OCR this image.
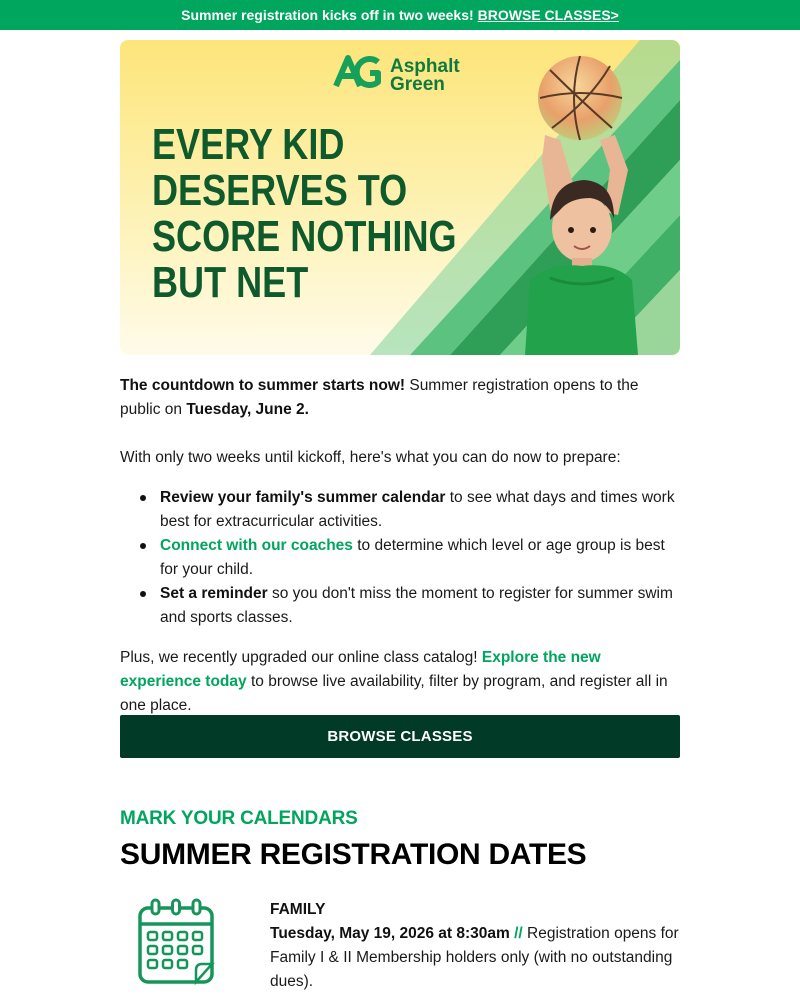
Summer registration kicks off in two weeks! BROWSE CLASSES>
Asphalt
Green
EVERY KID
DESERVES TO
SCORE NOTHING
BUT NET
The countdown to summer starts now! Summer registration opens to the public on Tuesday, June 2.
With only two weeks until kickoff, here's what you can do now to prepare:
Review your family's summer calendar to see what days and times work best for extracurricular activities.
Connect with our coaches to determine which level or age group is best for your child.
Set a reminder so you don't miss the moment to register for summer swim and sports classes.
Plus, we recently upgraded our online class catalog! Explore the new experience today to browse live availability, filter by program, and register all in one place.
BROWSE CLASSES
MARK YOUR CALENDARS
SUMMER REGISTRATION DATES
FAMILY
Tuesday, May 19, 2026 at 8:30am // Registration opens for Family I & II Membership holders only (with no outstanding dues).
